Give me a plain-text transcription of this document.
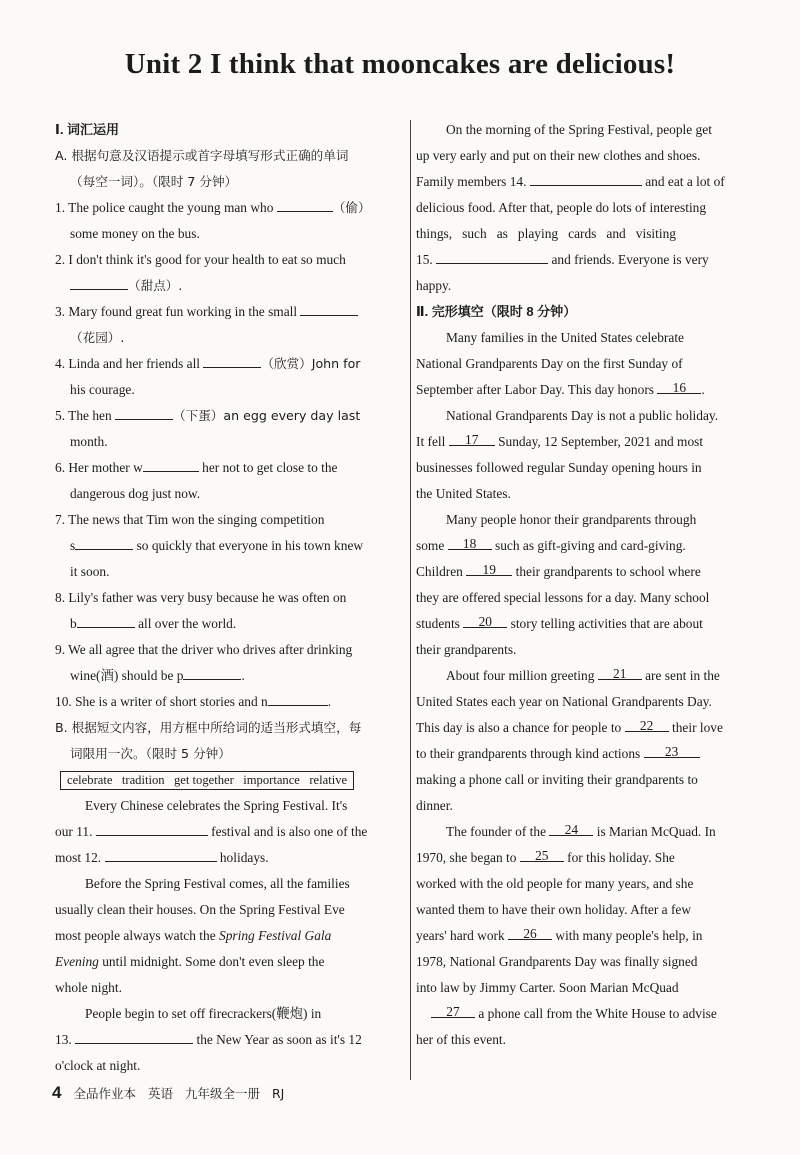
Unit 2 I think that mooncakes are delicious!
Ⅰ. 词汇运用
A. 根据句意及汉语提示或首字母填写形式正确的单词
（每空一词）。（限时 7 分钟）
1. The police caught the young man who	（偷）
some money on the bus.
2. I don't think it's good for your health to eat so much
（甜点）.
3. Mary found great fun working in the small
（花园）.
4. Linda and her friends all	（欣赏）John for
his courage.
5. The hen	（下蛋）an egg every day last
month.
6. Her mother w	her not to get close to the
dangerous dog just now.
7. The news that Tim won the singing competition
s	so quickly that everyone in his town knew
it soon.
8. Lily's father was very busy because he was often on
b	all over the world.
9. We all agree that the driver who drives after drinking
wine(酒) should be p	.
10. She is a writer of short stories and n	.
B. 根据短文内容，用方框中所给词的适当形式填空，每
词限用一次。（限时 5 分钟）
celebrate   tradition   get together   importance   relative
Every Chinese celebrates the Spring Festival. It's
our 11.	festival and is also one of the
most 12.	holidays.
Before the Spring Festival comes, all the families
usually clean their houses. On the Spring Festival Eve
most people always watch the Spring Festival Gala
Evening until midnight. Some don't even sleep the
whole night.
People begin to set off firecrackers(鞭炮) in
13.	the New Year as soon as it's 12
o'clock at night.
On the morning of the Spring Festival, people get
up very early and put on their new clothes and shoes.
Family members 14.	and eat a lot of
delicious food. After that, people do lots of interesting
things,   such   as   playing   cards   and   visiting
15.	and friends. Everyone is very
happy.
Ⅱ. 完形填空（限时 8 分钟）
Many families in the United States celebrate
National Grandparents Day on the first Sunday of
September after Labor Day. This day honors 16 .
National Grandparents Day is not a public holiday.
It fell 17 Sunday, 12 September, 2021 and most
businesses followed regular Sunday opening hours in
the United States.
Many people honor their grandparents through
some 18 such as gift-giving and card-giving.
Children 19 their grandparents to school where
they are offered special lessons for a day. Many school
students 20 story telling activities that are about
their grandparents.
About four million greeting 21 are sent in the
United States each year on National Grandparents Day.
This day is also a chance for people to 22 their love
to their grandparents through kind actions 23
making a phone call or inviting their grandparents to
dinner.
The founder of the 24 is Marian McQuad. In
1970, she began to 25 for this holiday. She
worked with the old people for many years, and she
wanted them to have their own holiday. After a few
years' hard work 26 with many people's help, in
1978, National Grandparents Day was finally signed
into law by Jimmy Carter. Soon Marian McQuad
27 a phone call from the White House to advise
her of this event.
4 全品作业本 英语 九年级全一册 RJ
